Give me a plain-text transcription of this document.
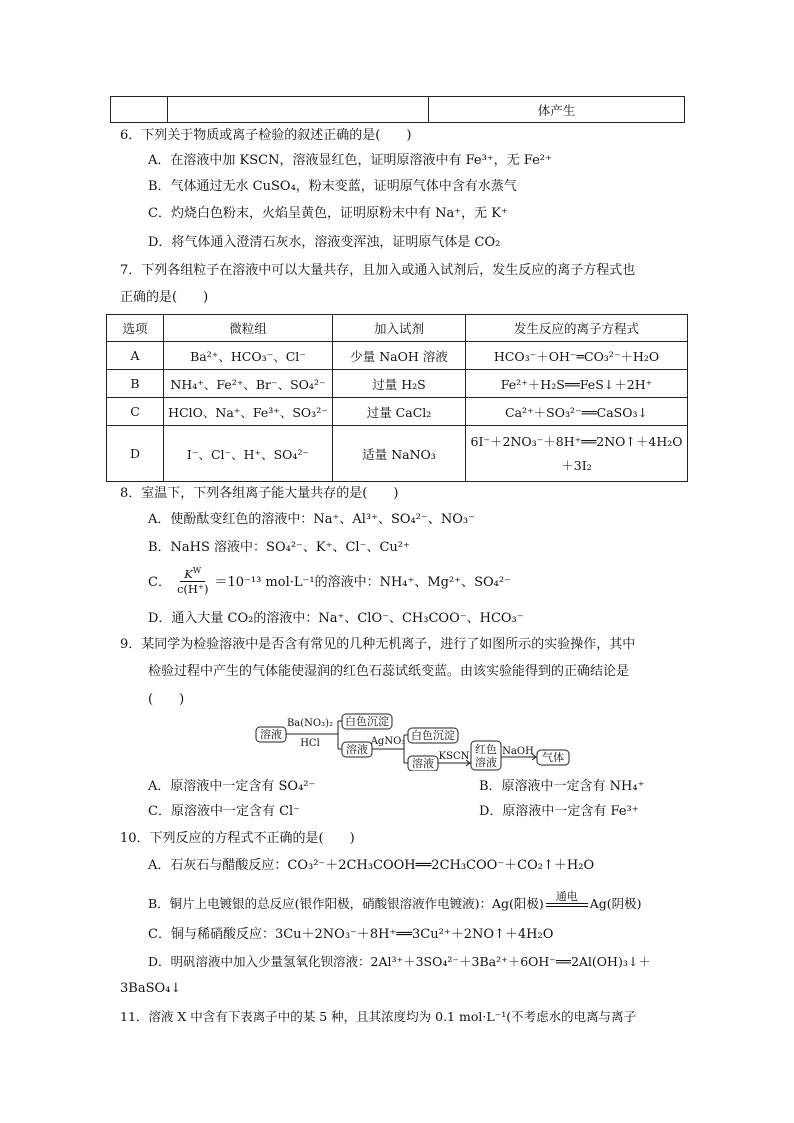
		体产生
6．下列关于物质或离子检验的叙述正确的是(　　)
A．在溶液中加 KSCN，溶液显红色，证明原溶液中有 Fe³⁺，无 Fe²⁺
B．气体通过无水 CuSO₄，粉末变蓝，证明原气体中含有水蒸气
C．灼烧白色粉末，火焰呈黄色，证明原粉末中有 Na⁺，无 K⁺
D．将气体通入澄清石灰水，溶液变浑浊，证明原气体是 CO₂
7．下列各组粒子在溶液中可以大量共存，且加入或通入试剂后，发生反应的离子方程式也
正确的是(　　)
选项	微粒组	加入试剂	发生反应的离子方程式
A	Ba²⁺、HCO₃⁻、Cl⁻	少量 NaOH 溶液	HCO₃⁻＋OH⁻═CO₃²⁻＋H₂O
B	NH₄⁺、Fe²⁺、Br⁻、SO₄²⁻	过量 H₂S	Fe²⁺＋H₂S══FeS↓＋2H⁺
C	HClO、Na⁺、Fe³⁺、SO₃²⁻	过量 CaCl₂	Ca²⁺＋SO₃²⁻══CaSO₃↓
D	I⁻、Cl⁻、H⁺、SO₄²⁻	适量 NaNO₃	6I⁻＋2NO₃⁻＋8H⁺══2NO↑＋4H₂O
＋3I₂
8．室温下，下列各组离子能大量共存的是(　　)
A．使酚酞变红色的溶液中：Na⁺、Al³⁺、SO₄²⁻、NO₃⁻
B．NaHS 溶液中：SO₄²⁻、K⁺、Cl⁻、Cu²⁺
C． $\frac{K^W}{c(H^+)} =10^{-13}$ mol·L⁻¹的溶液中：NH₄⁺、Mg²⁺、SO₄²⁻
D．通入大量 CO₂的溶液中：Na⁺、ClO⁻、CH₃COO⁻、HCO₃⁻
9．某同学为检验溶液中是否含有常见的几种无机离子，进行了如图所示的实验操作，其中
检验过程中产生的气体能使湿润的红色石蕊试纸变蓝。由该实验能得到的正确结论是
(　　)
溶液
Ba(NO₃)₂
HCl
白色沉淀
溶液
AgNO₃ 白色沉淀
溶液
KSCN
红色
溶液
NaOH 气体
A．原溶液中一定含有 SO₄²⁻	B．原溶液中一定含有 NH₄⁺
C．原溶液中一定含有 Cl⁻	D．原溶液中一定含有 Fe³⁺
10．下列反应的方程式不正确的是(　　)
A．石灰石与醋酸反应：CO₃²⁻＋2CH₃COOH══2CH₃COO⁻＋CO₂↑＋H₂O
B．铜片上电镀银的总反应(银作阳极，硝酸银溶液作电镀液)：Ag(阳极) 通电 Ag(阴极)
C．铜与稀硝酸反应：3Cu＋2NO₃⁻＋8H⁺══3Cu²⁺＋2NO↑＋4H₂O
D．明矾溶液中加入少量氢氧化钡溶液：2Al³⁺＋3SO₄²⁻＋3Ba²⁺＋6OH⁻══2Al(OH)₃↓＋
3BaSO₄↓
11．溶液 X 中含有下表离子中的某 5 种，且其浓度均为 0.1 mol·L⁻¹(不考虑水的电离与离子
